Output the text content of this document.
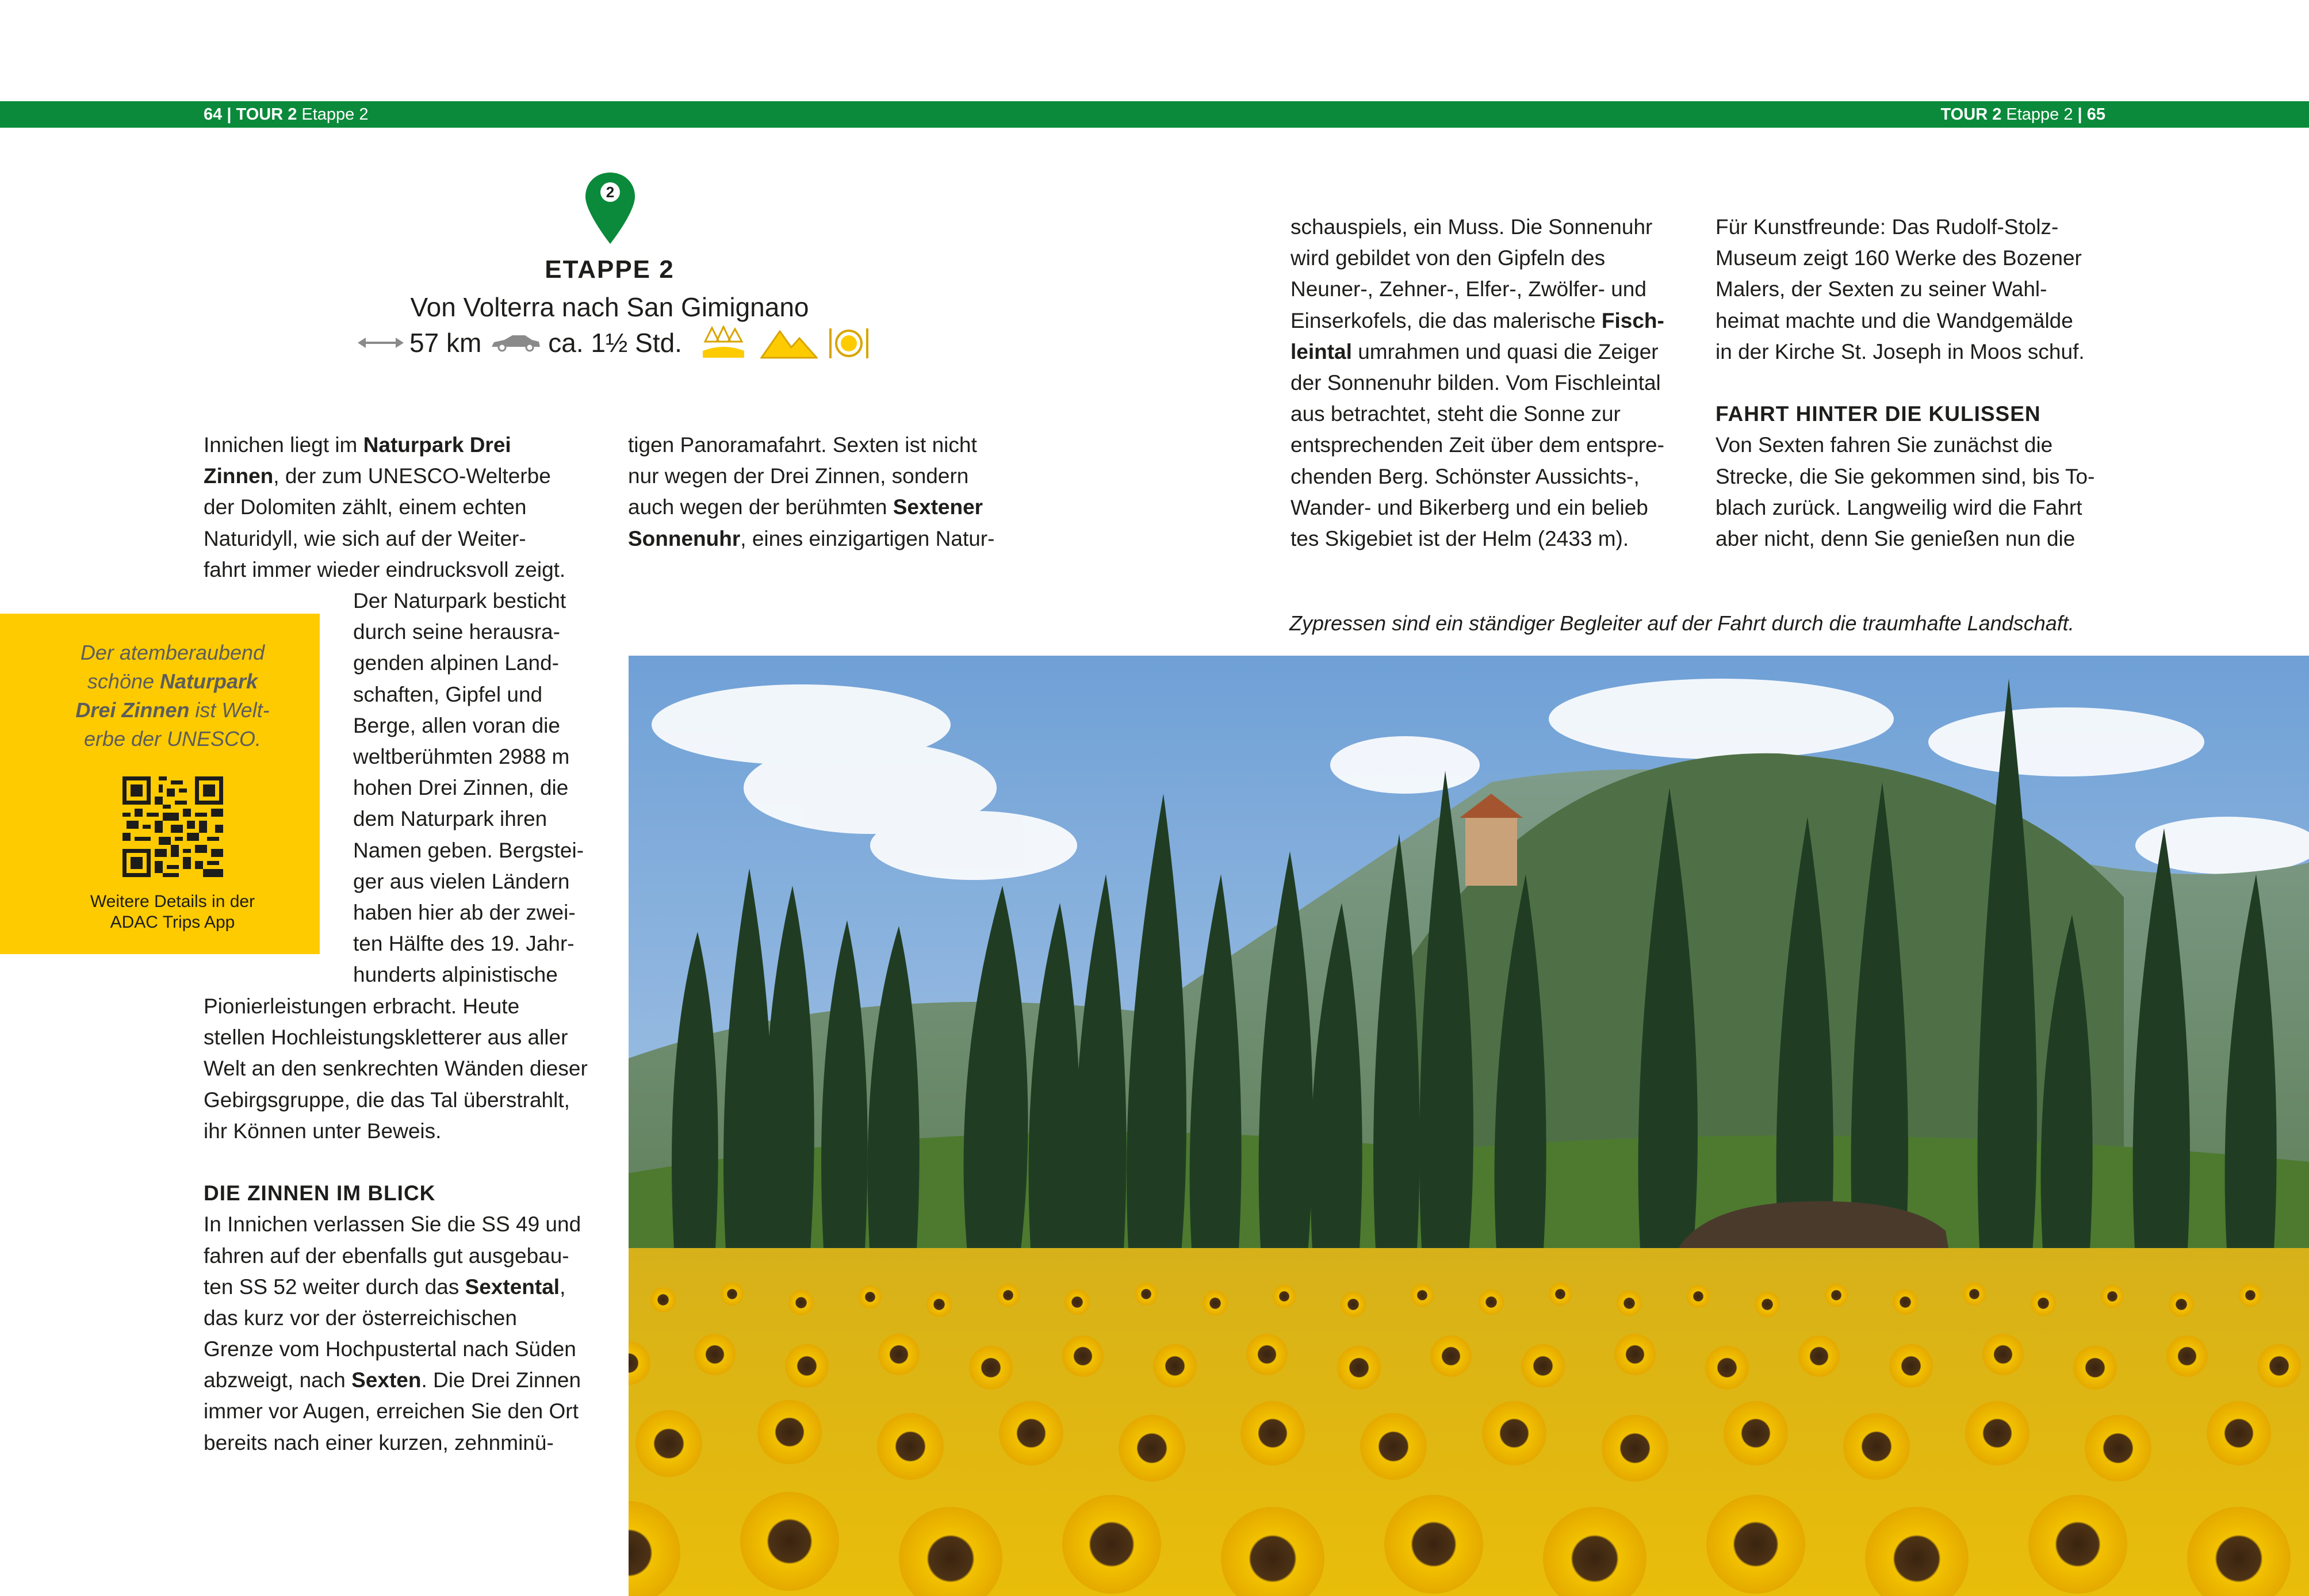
64 | TOUR 2 Etappe 2	TOUR 2 Etappe 2 | 65
2
ETAPPE 2
Von Volterra nach San Gimignano
57 km	ca. 1½ Std.
Innichen liegt im Naturpark Drei
Zinnen, der zum UNESCO-Welterbe
der Dolomiten zählt, einem echten
Naturidyll, wie sich auf der Weiter-
fahrt immer wieder eindrucksvoll zeigt.
Der Naturpark besticht
durch seine herausra-
genden alpinen Land-
schaften, Gipfel und
Berge, allen voran die
weltberühmten 2988 m
hohen Drei Zinnen, die
dem Naturpark ihren
Namen geben. Bergstei-
ger aus vielen Ländern
haben hier ab der zwei-
ten Hälfte des 19. Jahr-
hunderts alpinistische
Pionierleistungen erbracht. Heute
stellen Hochleistungskletterer aus aller
Welt an den senkrechten Wänden dieser
Gebirgsgruppe, die das Tal überstrahlt,
ihr Können unter Beweis.
DIE ZINNEN IM BLICK
In Innichen verlassen Sie die SS 49 und
fahren auf der ebenfalls gut ausgebau-
ten SS 52 weiter durch das Sextental,
das kurz vor der österreichischen
Grenze vom Hochpustertal nach Süden
abzweigt, nach Sexten. Die Drei Zinnen
immer vor Augen, erreichen Sie den Ort
bereits nach einer kurzen, zehnminü-
tigen Panoramafahrt. Sexten ist nicht
nur wegen der Drei Zinnen, sondern
auch wegen der berühmten Sextener
Sonnenuhr, eines einzigartigen Natur-
schauspiels, ein Muss. Die Sonnenuhr
wird gebildet von den Gipfeln des
Neuner-, Zehner-, Elfer-, Zwölfer- und
Einserkofels, die das malerische Fisch-
leintal umrahmen und quasi die Zeiger
der Sonnenuhr bilden. Vom Fischleintal
aus betrachtet, steht die Sonne zur
entsprechenden Zeit über dem entspre-
chenden Berg. Schönster Aussichts-,
Wander- und Bikerberg und ein belieb
tes Skigebiet ist der Helm (2433 m).
Für Kunstfreunde: Das Rudolf-Stolz-
Museum zeigt 160 Werke des Bozener
Malers, der Sexten zu seiner Wahl-
heimat machte und die Wandgemälde
in der Kirche St. Joseph in Moos schuf.
FAHRT HINTER DIE KULISSEN
Von Sexten fahren Sie zunächst die
Strecke, die Sie gekommen sind, bis To-
blach zurück. Langweilig wird die Fahrt
aber nicht, denn Sie genießen nun die
Der atemberaubend
schöne Naturpark
Drei Zinnen ist Welt-
erbe der UNESCO.
Weitere Details in der
ADAC Trips App
Zypressen sind ein ständiger Begleiter auf der Fahrt durch die traumhafte Landschaft.
